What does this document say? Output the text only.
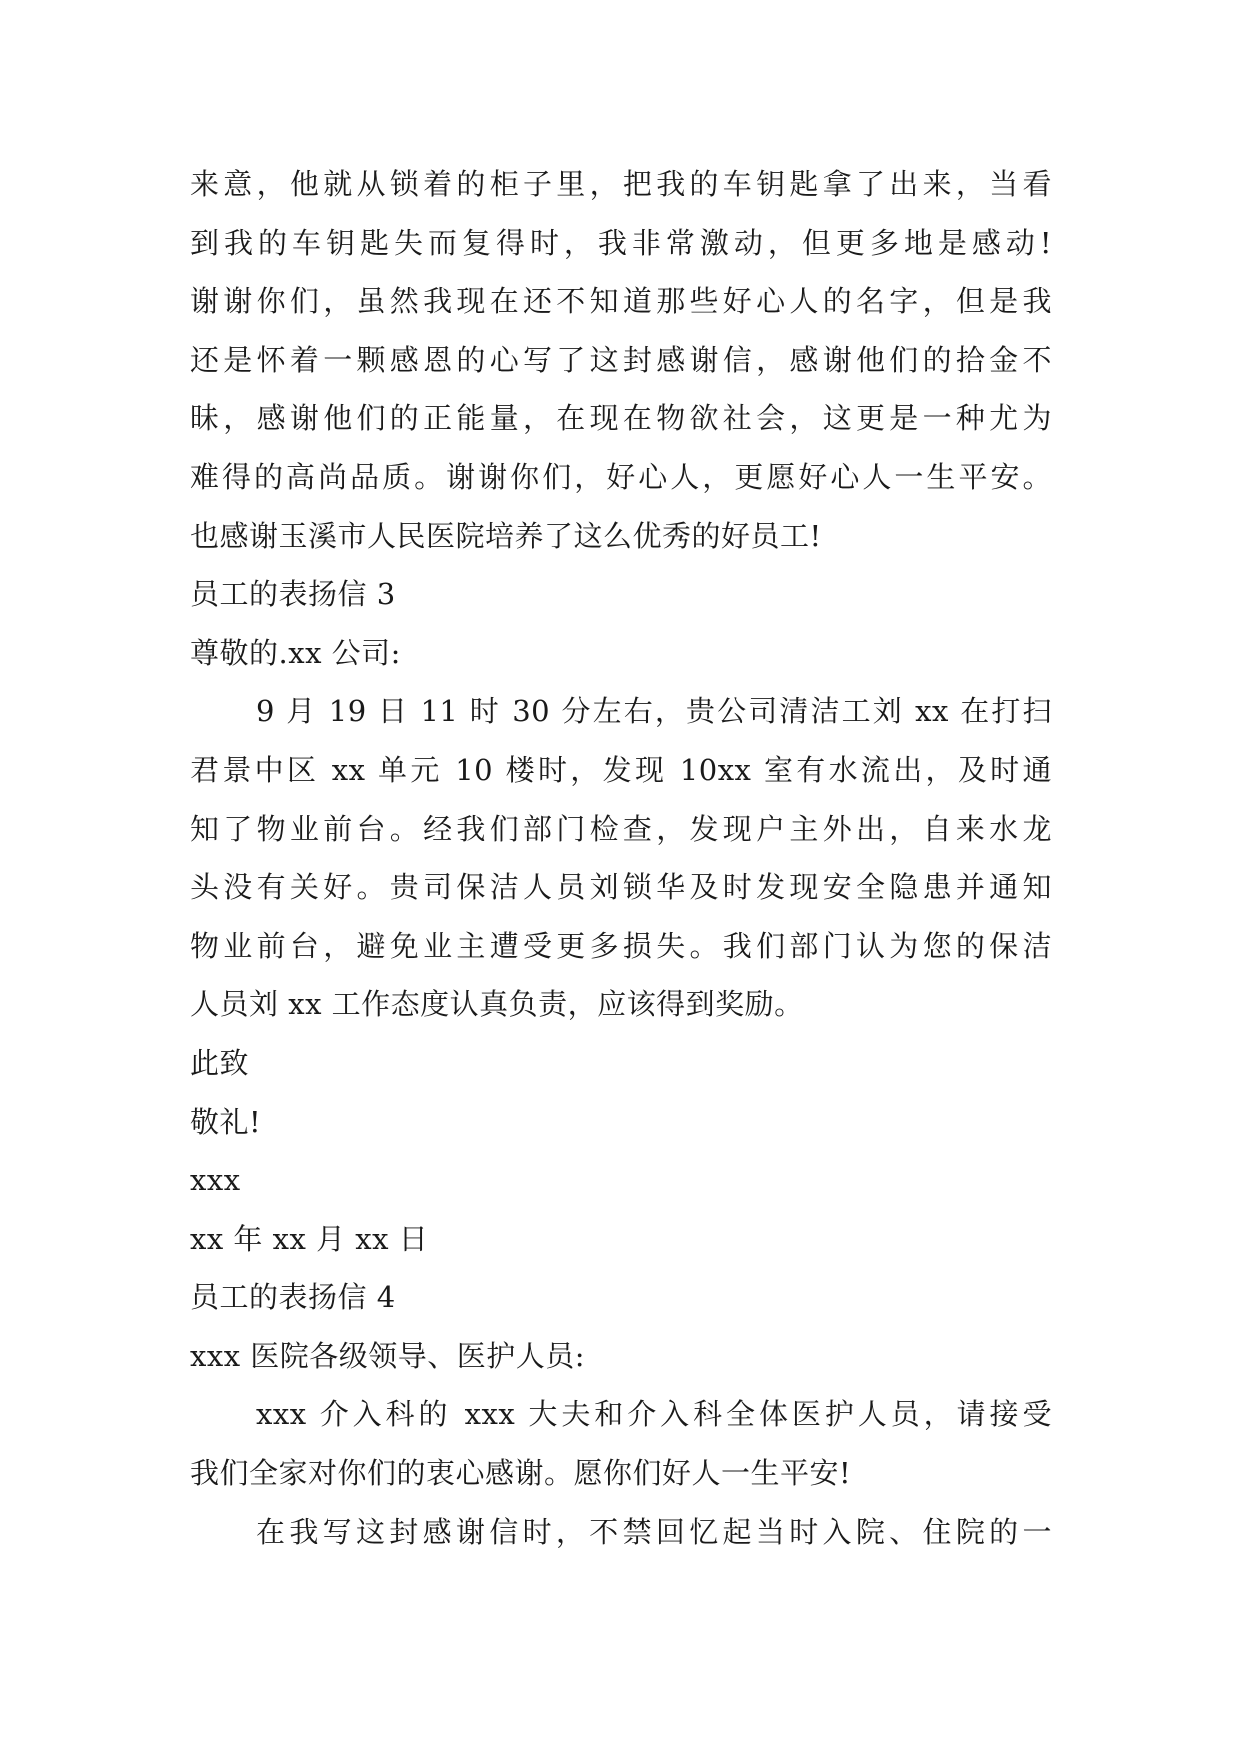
来意，他就从锁着的柜子里，把我的车钥匙拿了出来，当看
到我的车钥匙失而复得时，我非常激动，但更多地是感动!
谢谢你们，虽然我现在还不知道那些好心人的名字，但是我
还是怀着一颗感恩的心写了这封感谢信，感谢他们的拾金不
昧，感谢他们的正能量，在现在物欲社会，这更是一种尤为
难得的高尚品质。谢谢你们，好心人，更愿好心人一生平安。
也感谢玉溪市人民医院培养了这么优秀的好员工!
员工的表扬信 3
尊敬的.xx 公司:
9 月 19 日 11 时 30 分左右，贵公司清洁工刘 xx 在打扫
君景中区 xx 单元 10 楼时，发现 10xx 室有水流出，及时通
知了物业前台。经我们部门检查，发现户主外出，自来水龙
头没有关好。贵司保洁人员刘锁华及时发现安全隐患并通知
物业前台，避免业主遭受更多损失。我们部门认为您的保洁
人员刘 xx 工作态度认真负责，应该得到奖励。
此致
敬礼!
xxx
xx 年 xx 月 xx 日
员工的表扬信 4
xxx 医院各级领导、医护人员:
xxx 介入科的 xxx 大夫和介入科全体医护人员，请接受
我们全家对你们的衷心感谢。愿你们好人一生平安!
在我写这封感谢信时，不禁回忆起当时入院、住院的一
